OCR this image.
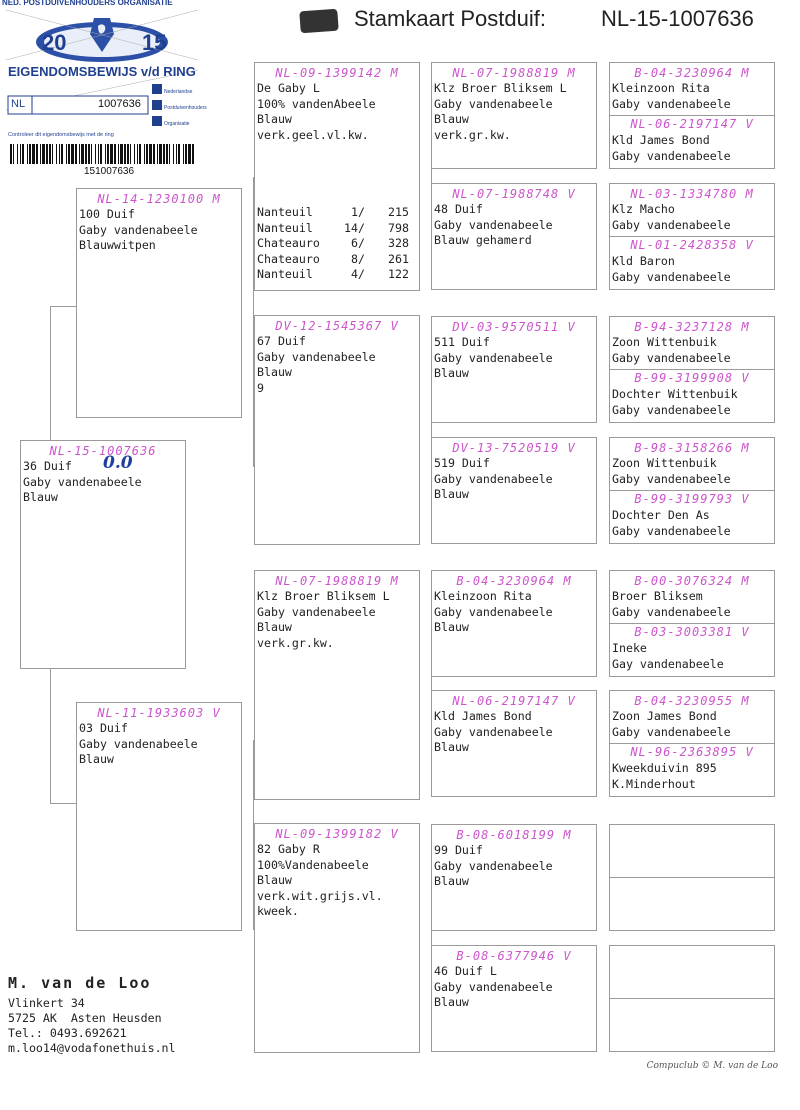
NED. POSTDUIVENHOUDERS ORGANISATIE
20	15
EIGENDOMSBEWIJS v/d RING
NL	1007636
Nederlandse
Postduivenhouders
Organisatie
Controleer dit eigendomsbewijs met de ring
151007636
Stamkaart Postduif:	NL-15-1007636
NL-15-1007636
36 Duif
Gaby vandenabeele
Blauw
0.0
NL-14-1230100 M
100 Duif
Gaby vandenabeele
Blauwwitpen
NL-11-1933603 V
03 Duif
Gaby vandenabeele
Blauw
NL-09-1399142 M
De Gaby L
100% vandenAbeele
Blauw
verk.geel.vl.kw.
Nanteuil	1/	215
Nanteuil	14/	798
Chateauro	6/	328
Chateauro	8/	261
Nanteuil	4/	122
DV-12-1545367 V
67 Duif
Gaby vandenabeele
Blauw
9
NL-07-1988819 M
Klz Broer Bliksem L
Gaby vandenabeele
Blauw
verk.gr.kw.
NL-09-1399182 V
82 Gaby R
100%Vandenabeele
Blauw
verk.wit.grijs.vl.
kweek.
NL-07-1988819 M
Klz Broer Bliksem L
Gaby vandenabeele
Blauw
verk.gr.kw.
NL-07-1988748 V
48 Duif
Gaby vandenabeele
Blauw gehamerd
DV-03-9570511 V
511 Duif
Gaby vandenabeele
Blauw
DV-13-7520519 V
519 Duif
Gaby vandenabeele
Blauw
B-04-3230964 M
Kleinzoon Rita
Gaby vandenabeele
Blauw
NL-06-2197147 V
Kld James Bond
Gaby vandenabeele
Blauw
B-08-6018199 M
99 Duif
Gaby vandenabeele
Blauw
B-08-6377946 V
46 Duif L
Gaby vandenabeele
Blauw
B-04-3230964 M
Kleinzoon Rita
Gaby vandenabeele
NL-06-2197147 V
Kld James Bond
Gaby vandenabeele
NL-03-1334780 M
Klz Macho
Gaby vandenabeele
NL-01-2428358 V
Kld Baron
Gaby vandenabeele
B-94-3237128 M
Zoon Wittenbuik
Gaby vandenabeele
B-99-3199908 V
Dochter Wittenbuik
Gaby vandenabeele
B-98-3158266 M
Zoon Wittenbuik
Gaby vandenabeele
B-99-3199793 V
Dochter Den As
Gaby vandenabeele
B-00-3076324 M
Broer Bliksem
Gaby vandenabeele
B-03-3003381 V
Ineke
Gay vandenabeele
B-04-3230955 M
Zoon James Bond
Gaby vandenabeele
NL-96-2363895 V
Kweekduivin 895
K.Minderhout
M. van de Loo
Vlinkert 34
5725 AK  Asten Heusden
Tel.: 0493.692621
m.loo14@vodafonethuis.nl
Compuclub © M. van de Loo
